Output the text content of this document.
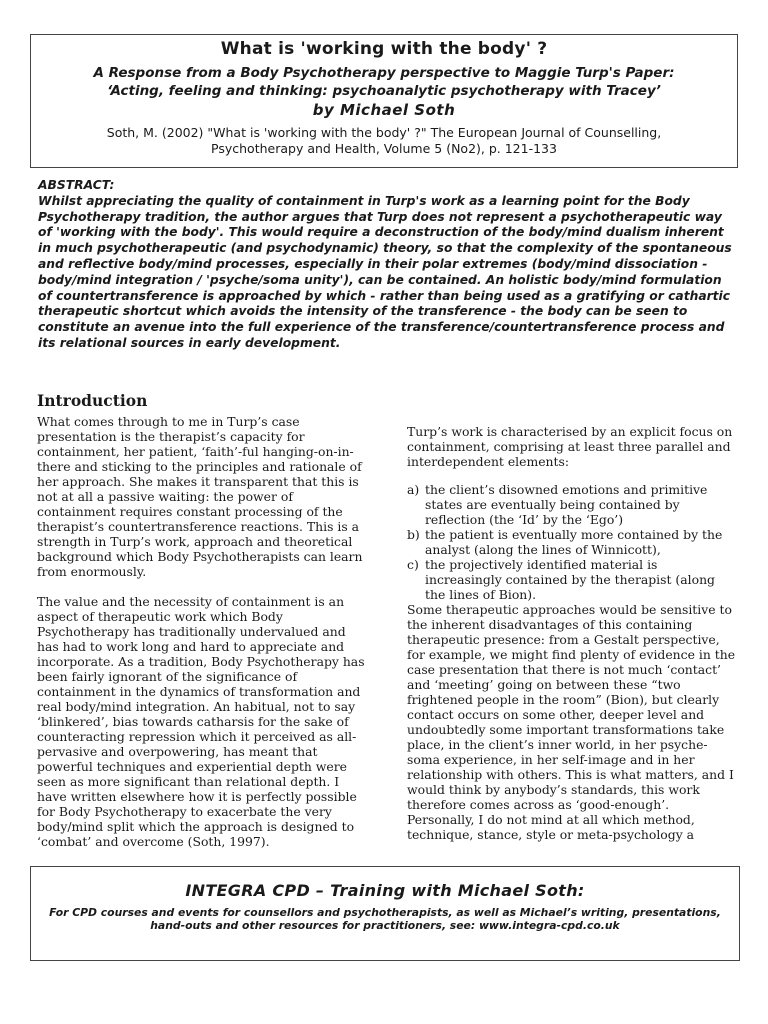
What is 'working with the body' ?
A Response from a Body Psychotherapy perspective to Maggie Turp's Paper:
‘Acting, feeling and thinking: psychoanalytic psychotherapy with Tracey’
by Michael Soth
Soth, M. (2002) "What is 'working with the body' ?" The European Journal of Counselling,
Psychotherapy and Health, Volume 5 (No2), p. 121-133
ABSTRACT:
Whilst appreciating the quality of containment in Turp's work as a learning point for the Body Psychotherapy tradition, the author argues that Turp does not represent a psychotherapeutic way of 'working with the body'. This would require a deconstruction of the body/mind dualism inherent in much psychotherapeutic (and psychodynamic) theory, so that the complexity of the spontaneous and reflective body/mind processes, especially in their polar extremes (body/mind dissociation - body/mind integration / 'psyche/soma unity'), can be contained. An holistic body/mind formulation of countertransference is approached by which - rather than being used as a gratifying or cathartic therapeutic shortcut which avoids the intensity of the transference - the body can be seen to constitute an avenue into the full experience of the transference/countertransference process and its relational sources in early development.
Introduction

What comes through to me in Turp’s case presentation is the therapist’s capacity for containment, her patient, ‘faith’-ful hanging-on-in-there and sticking to the principles and rationale of her approach. She makes it transparent that this is not at all a passive waiting: the power of containment requires constant processing of the therapist’s countertransference reactions. This is a strength in Turp’s work, approach and theoretical background which Body Psychotherapists can learn from enormously.

The value and the necessity of containment is an aspect of therapeutic work which Body Psychotherapy has traditionally undervalued and has had to work long and hard to appreciate and incorporate. As a tradition, Body Psychotherapy has been fairly ignorant of the significance of containment in the dynamics of transformation and real body/mind integration. An habitual, not to say ‘blinkered’, bias towards catharsis for the sake of counteracting repression which it perceived as all-pervasive and overpowering, has meant that powerful techniques and experiential depth were seen as more significant than relational depth. I have written elsewhere how it is perfectly possible for Body Psychotherapy to exacerbate the very body/mind split which the approach is designed to ‘combat’ and overcome (Soth, 1997).

Turp’s work is characterised by an explicit focus on containment, comprising at least three parallel and interdependent elements:

a) the client’s disowned emotions and primitive states are eventually being contained by reflection (the ‘Id’ by the ‘Ego’)
b) the patient is eventually more contained by the analyst (along the lines of Winnicott),
c) the projectively identified material is increasingly contained by the therapist (along the lines of Bion).

Some therapeutic approaches would be sensitive to the inherent disadvantages of this containing therapeutic presence: from a Gestalt perspective, for example, we might find plenty of evidence in the case presentation that there is not much ‘contact’ and ‘meeting’ going on between these “two frightened people in the room” (Bion), but clearly contact occurs on some other, deeper level and undoubtedly some important transformations take place, in the client’s inner world, in her psyche-soma experience, in her self-image and in her relationship with others. This is what matters, and I would think by anybody’s standards, this work therefore comes across as ‘good-enough’. Personally, I do not mind at all which method, technique, stance, style or meta-psychology a

INTEGRA CPD – Training with Michael Soth:
For CPD courses and events for counsellors and psychotherapists, as well as Michael’s writing, presentations,
hand-outs and other resources for practitioners, see: www.integra-cpd.co.uk
